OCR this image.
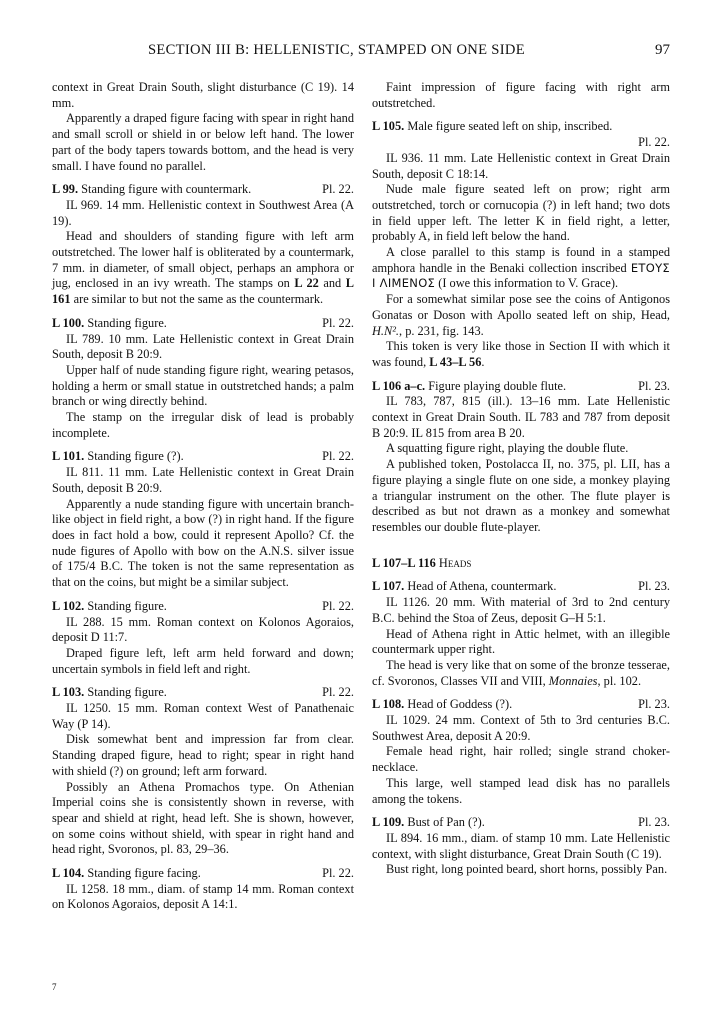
SECTION III B: HELLENISTIC, STAMPED ON ONE SIDE	97

context in Great Drain South, slight disturbance (C 19). 14 mm.

Apparently a draped figure facing with spear in right hand and small scroll or shield in or below left hand. The lower part of the body tapers towards bottom, and the head is very small. I have found no parallel.

L 99. Standing figure with countermark.	Pl. 22.

IL 969. 14 mm. Hellenistic context in Southwest Area (A 19).

Head and shoulders of standing figure with left arm outstretched. The lower half is obliterated by a countermark, 7 mm. in diameter, of small object, perhaps an amphora or jug, enclosed in an ivy wreath. The stamps on L 22 and L 161 are similar to but not the same as the countermark.

L 100. Standing figure.	Pl. 22.

IL 789. 10 mm. Late Hellenistic context in Great Drain South, deposit B 20:9.

Upper half of nude standing figure right, wearing petasos, holding a herm or small statue in outstretched hands; a palm branch or wing directly behind.

The stamp on the irregular disk of lead is probably incomplete.

L 101. Standing figure (?).	Pl. 22.

IL 811. 11 mm. Late Hellenistic context in Great Drain South, deposit B 20:9.

Apparently a nude standing figure with uncertain branch-like object in field right, a bow (?) in right hand. If the figure does in fact hold a bow, could it represent Apollo? Cf. the nude figures of Apollo with bow on the A.N.S. silver issue of 175/4 B.C. The token is not the same representation as that on the coins, but might be a similar subject.

L 102. Standing figure.	Pl. 22.

IL 288. 15 mm. Roman context on Kolonos Agoraios, deposit D 11:7.

Draped figure left, left arm held forward and down; uncertain symbols in field left and right.

L 103. Standing figure.	Pl. 22.

IL 1250. 15 mm. Roman context West of Panathenaic Way (P 14).

Disk somewhat bent and impression far from clear. Standing draped figure, head to right; spear in right hand with shield (?) on ground; left arm forward.

Possibly an Athena Promachos type. On Athenian Imperial coins she is consistently shown in reverse, with spear and shield at right, head left. She is shown, however, on some coins without shield, with spear in right hand and head right, Svoronos, pl. 83, 29–36.

L 104. Standing figure facing.	Pl. 22.

IL 1258. 18 mm., diam. of stamp 14 mm. Roman context on Kolonos Agoraios, deposit A 14:1.

Faint impression of figure facing with right arm outstretched.

L 105. Male figure seated left on ship, inscribed.

Pl. 22.

IL 936. 11 mm. Late Hellenistic context in Great Drain South, deposit C 18:14.

Nude male figure seated left on prow; right arm outstretched, torch or cornucopia (?) in left hand; two dots in field upper left. The letter K in field right, a letter, probably A, in field left below the hand.

A close parallel to this stamp is found in a stamped amphora handle in the Benaki collection inscribed ΕΤΟΥΣ Ι ΛΙΜΕΝΟΣ (I owe this information to V. Grace).

For a somewhat similar pose see the coins of Antigonos Gonatas or Doson with Apollo seated left on ship, Head, H.N²., p. 231, fig. 143.

This token is very like those in Section II with which it was found, L 43–L 56.

L 106 a–c. Figure playing double flute.	Pl. 23.

IL 783, 787, 815 (ill.). 13–16 mm. Late Hellenistic context in Great Drain South. IL 783 and 787 from deposit B 20:9. IL 815 from area B 20.

A squatting figure right, playing the double flute.

A published token, Postolacca II, no. 375, pl. LII, has a figure playing a single flute on one side, a monkey playing a triangular instrument on the other. The flute player is described as but not drawn as a monkey and somewhat resembles our double flute-player.

L 107–L 116 Heads
L 107. Head of Athena, countermark.	Pl. 23.

IL 1126. 20 mm. With material of 3rd to 2nd century B.C. behind the Stoa of Zeus, deposit G–H 5:1.

Head of Athena right in Attic helmet, with an illegible countermark upper right.

The head is very like that on some of the bronze tesserae, cf. Svoronos, Classes VII and VIII, Monnaies, pl. 102.

L 108. Head of Goddess (?).	Pl. 23.

IL 1029. 24 mm. Context of 5th to 3rd centuries B.C. Southwest Area, deposit A 20:9.

Female head right, hair rolled; single strand choker-necklace.

This large, well stamped lead disk has no parallels among the tokens.

L 109. Bust of Pan (?).	Pl. 23.

IL 894. 16 mm., diam. of stamp 10 mm. Late Hellenistic context, with slight disturbance, Great Drain South (C 19).

Bust right, long pointed beard, short horns, possibly Pan.

7
